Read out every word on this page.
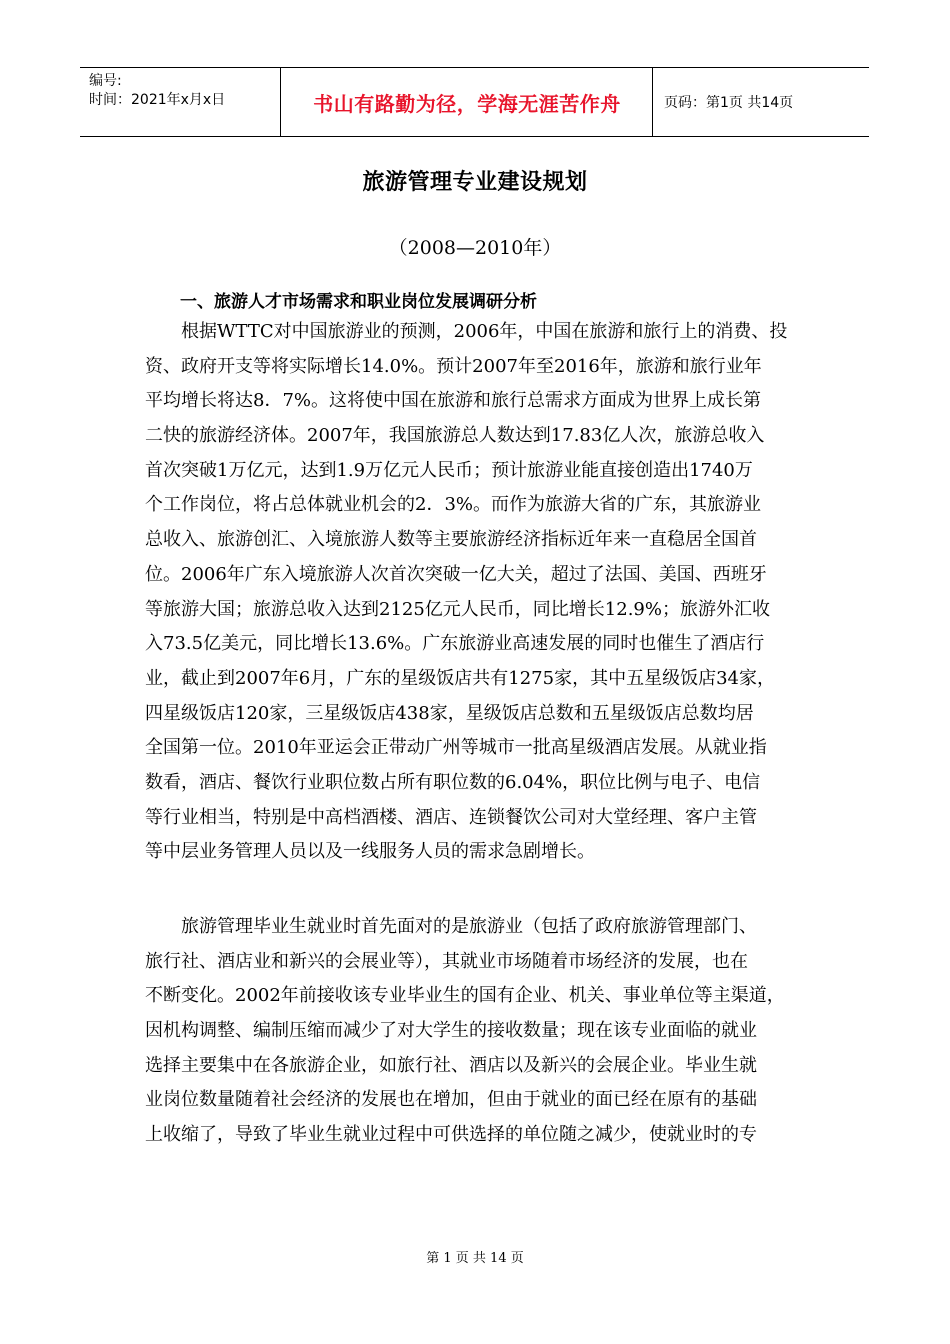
编号:
时间：2021年x月x日	书山有路勤为径，学海无涯苦作舟	页码：第1页 共14页
旅游管理专业建设规划
（2008—2010年）
一、旅游人才市场需求和职业岗位发展调研分析
　　根据WTTC对中国旅游业的预测，2006年，中国在旅游和旅行上的消费、投
资、政府开支等将实际增长14.0%。预计2007年至2016年，旅游和旅行业年
平均增长将达8．7%。这将使中国在旅游和旅行总需求方面成为世界上成长第
二快的旅游经济体。2007年，我国旅游总人数达到17.83亿人次，旅游总收入
首次突破1万亿元，达到1.9万亿元人民币；预计旅游业能直接创造出1740万
个工作岗位，将占总体就业机会的2．3%。而作为旅游大省的广东，其旅游业
总收入、旅游创汇、入境旅游人数等主要旅游经济指标近年来一直稳居全国首
位。2006年广东入境旅游人次首次突破一亿大关，超过了法国、美国、西班牙
等旅游大国；旅游总收入达到2125亿元人民币，同比增长12.9%；旅游外汇收
入73.5亿美元，同比增长13.6%。广东旅游业高速发展的同时也催生了酒店行
业，截止到2007年6月，广东的星级饭店共有1275家，其中五星级饭店34家，
四星级饭店120家，三星级饭店438家，星级饭店总数和五星级饭店总数均居
全国第一位。2010年亚运会正带动广州等城市一批高星级酒店发展。从就业指
数看，酒店、餐饮行业职位数占所有职位数的6.04%，职位比例与电子、电信
等行业相当，特别是中高档酒楼、酒店、连锁餐饮公司对大堂经理、客户主管
等中层业务管理人员以及一线服务人员的需求急剧增长。
　　旅游管理毕业生就业时首先面对的是旅游业（包括了政府旅游管理部门、
旅行社、酒店业和新兴的会展业等），其就业市场随着市场经济的发展，也在
不断变化。2002年前接收该专业毕业生的国有企业、机关、事业单位等主渠道，
因机构调整、编制压缩而减少了对大学生的接收数量；现在该专业面临的就业
选择主要集中在各旅游企业，如旅行社、酒店以及新兴的会展企业。毕业生就
业岗位数量随着社会经济的发展也在增加，但由于就业的面已经在原有的基础
上收缩了，导致了毕业生就业过程中可供选择的单位随之减少，使就业时的专
第 1 页 共 14 页
